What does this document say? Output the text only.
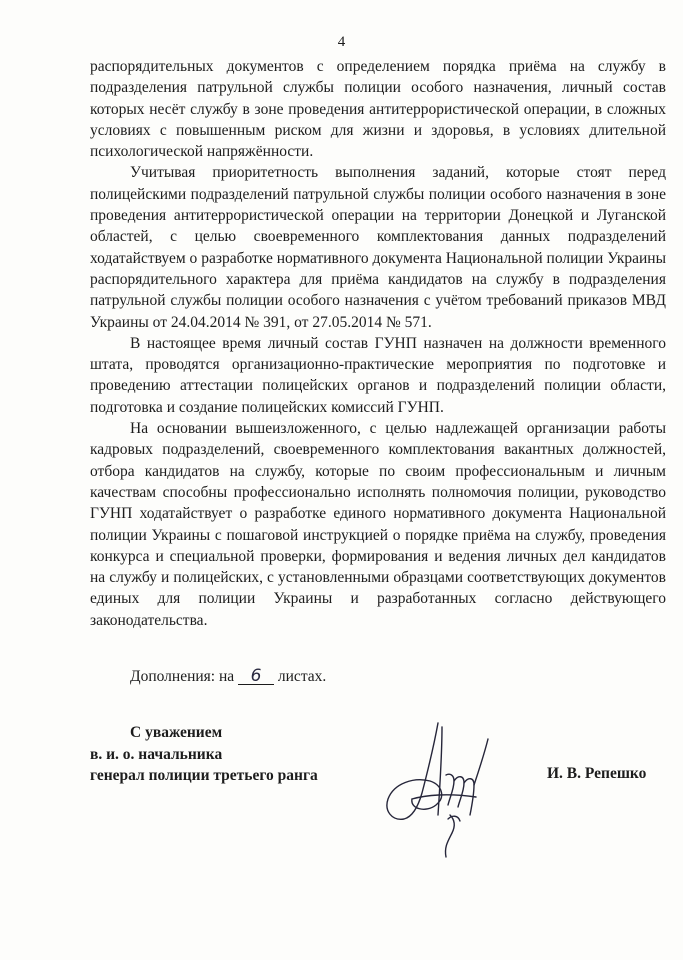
4

распорядительных документов с определением порядка приёма на службу в подразделения патрульной службы полиции особого назначения, личный состав которых несёт службу в зоне проведения антитеррористической операции, в сложных условиях с повышенным риском для жизни и здоровья, в условиях длительной психологической напряжённости.

Учитывая приоритетность выполнения заданий, которые стоят перед полицейскими подразделений патрульной службы полиции особого назначения в зоне проведения антитеррористической операции на территории Донецкой и Луганской областей, с целью своевременного комплектования данных подразделений ходатайствуем о разработке нормативного документа Национальной полиции Украины распорядительного характера для приёма кандидатов на службу в подразделения патрульной службы полиции особого назначения с учётом требований приказов МВД Украины от 24.04.2014 № 391, от 27.05.2014 № 571.

В настоящее время личный состав ГУНП назначен на должности временного штата, проводятся организационно-практические мероприятия по подготовке и проведению аттестации полицейских органов и подразделений полиции области, подготовка и создание полицейских комиссий ГУНП.

На основании вышеизложенного, с целью надлежащей организации работы кадровых подразделений, своевременного комплектования вакантных должностей, отбора кандидатов на службу, которые по своим профессиональным и личным качествам способны профессионально исполнять полномочия полиции, руководство ГУНП ходатайствует о разработке единого нормативного документа Национальной полиции Украины с пошаговой инструкцией о порядке приёма на службу, проведения конкурса и специальной проверки, формирования и ведения личных дел кандидатов на службу и полицейских, с установленными образцами соответствующих документов единых для полиции Украины и разработанных согласно действующего законодательства.

Дополнения: на 6 листах.
С уважением
в. и. о. начальника
генерал полиции третьего ранга	И. В. Репешко
